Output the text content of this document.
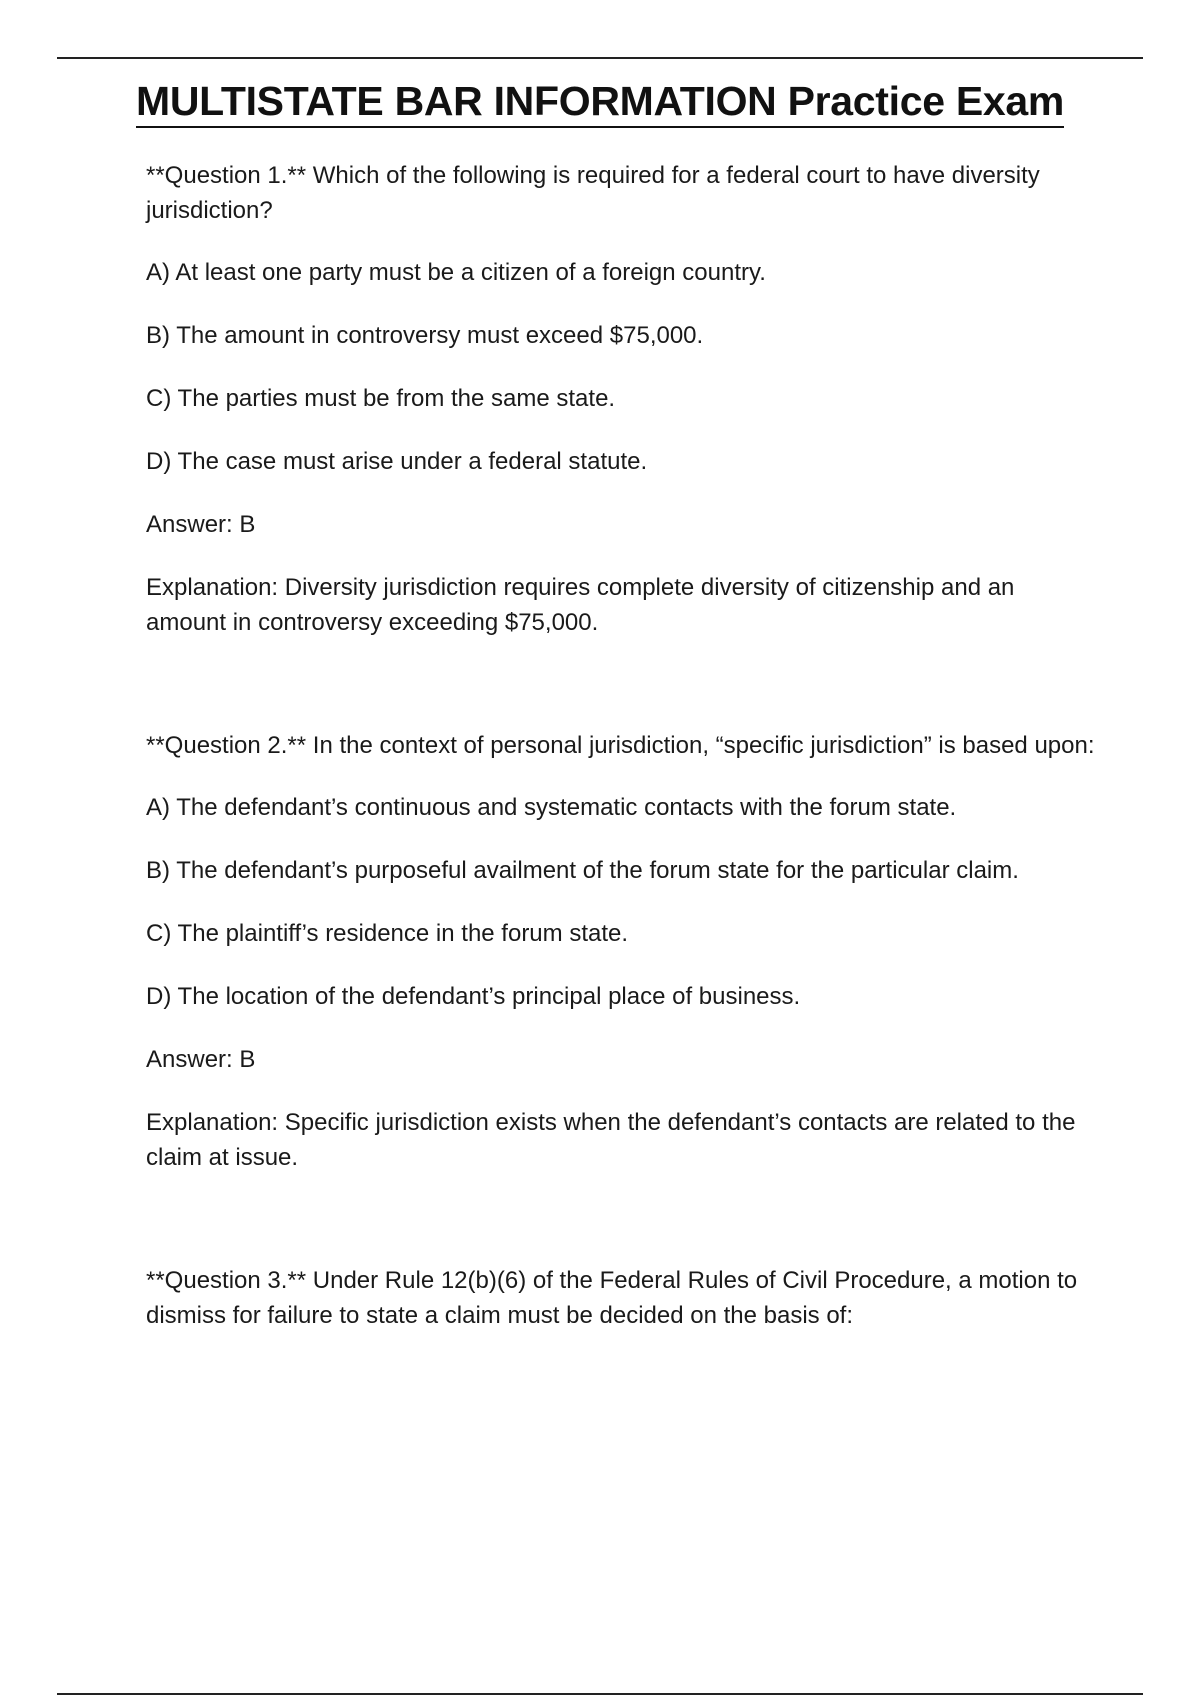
MULTISTATE BAR INFORMATION Practice Exam

**Question 1.** Which of the following is required for a federal court to have diversity jurisdiction?

A) At least one party must be a citizen of a foreign country.

B) The amount in controversy must exceed $75,000.

C) The parties must be from the same state.

D) The case must arise under a federal statute.

Answer: B

Explanation: Diversity jurisdiction requires complete diversity of citizenship and an amount in controversy exceeding $75,000.

**Question 2.** In the context of personal jurisdiction, “specific jurisdiction” is based upon:

A) The defendant’s continuous and systematic contacts with the forum state.

B) The defendant’s purposeful availment of the forum state for the particular claim.

C) The plaintiff’s residence in the forum state.

D) The location of the defendant’s principal place of business.

Answer: B

Explanation: Specific jurisdiction exists when the defendant’s contacts are related to the claim at issue.

**Question 3.** Under Rule 12(b)(6) of the Federal Rules of Civil Procedure, a motion to dismiss for failure to state a claim must be decided on the basis of:
